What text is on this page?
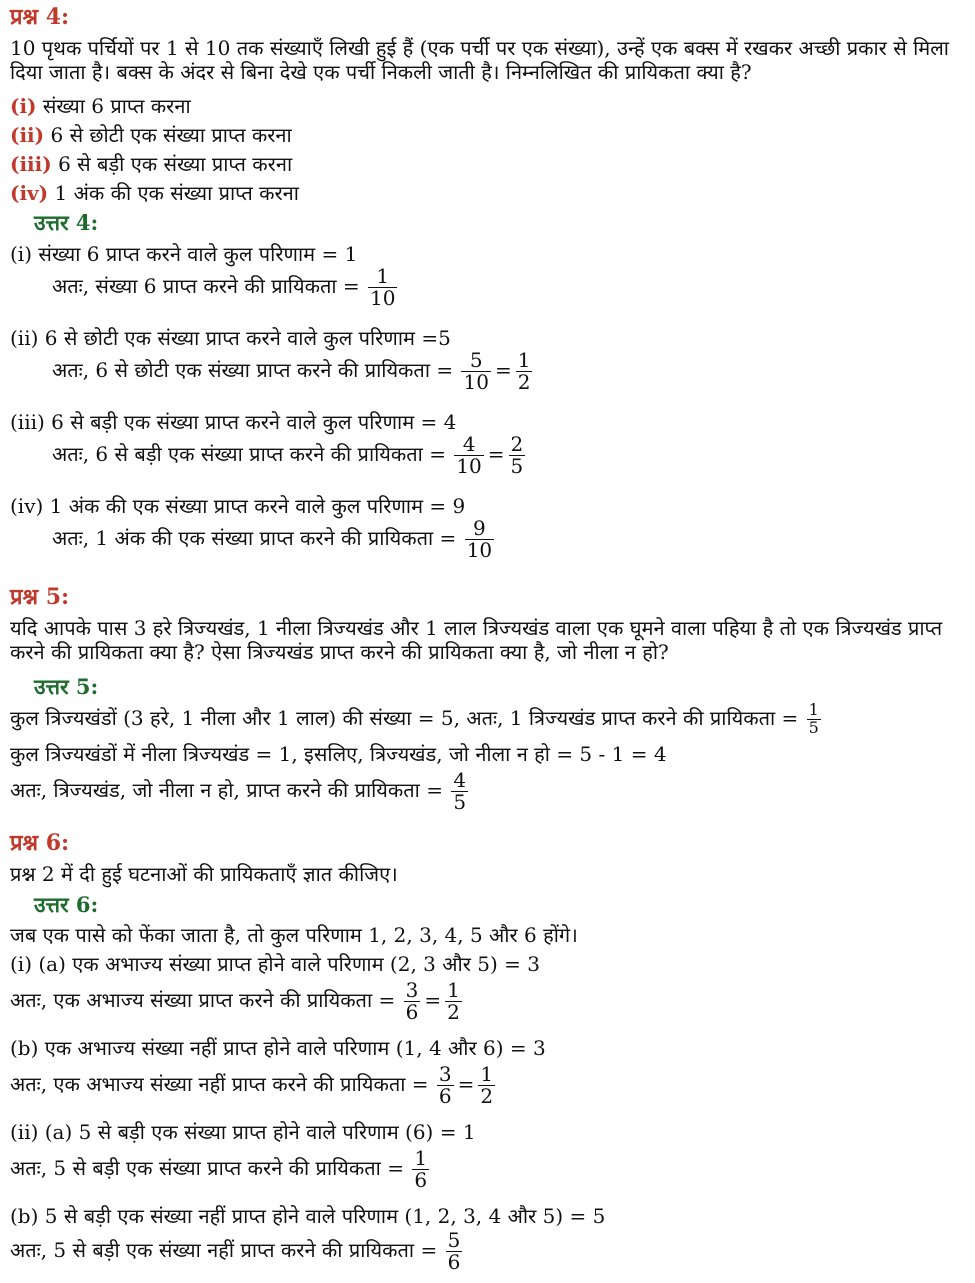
प्रश्न 4:
10 पृथक पर्चियों पर 1 से 10 तक संख्याएँ लिखी हुई हैं (एक पर्ची पर एक संख्या), उन्हें एक बक्स में रखकर अच्छी प्रकार से मिला दिया जाता है। बक्स के अंदर से बिना देखे एक पर्ची निकली जाती है। निम्नलिखित की प्रायिकता क्या है?
(i) संख्या 6 प्राप्त करना
(ii) 6 से छोटी एक संख्या प्राप्त करना
(iii) 6 से बड़ी एक संख्या प्राप्त करना
(iv) 1 अंक की एक संख्या प्राप्त करना
उत्तर 4:
(i) संख्या 6 प्राप्त करने वाले कुल परिणाम = 1
अतः, संख्या 6 प्राप्त करने की प्रायिकता = $\frac{1}{10}$
(ii) 6 से छोटी एक संख्या प्राप्त करने वाले कुल परिणाम =5
अतः, 6 से छोटी एक संख्या प्राप्त करने की प्रायिकता = $\frac{5}{10} = \frac{1}{2}$
(iii) 6 से बड़ी एक संख्या प्राप्त करने वाले कुल परिणाम = 4
अतः, 6 से बड़ी एक संख्या प्राप्त करने की प्रायिकता = $\frac{4}{10} = \frac{2}{5}$
(iv) 1 अंक की एक संख्या प्राप्त करने वाले कुल परिणाम = 9
अतः, 1 अंक की एक संख्या प्राप्त करने की प्रायिकता = $\frac{9}{10}$
प्रश्न 5:
यदि आपके पास 3 हरे त्रिज्यखंड, 1 नीला त्रिज्यखंड और 1 लाल त्रिज्यखंड वाला एक घूमने वाला पहिया है तो एक त्रिज्यखंड प्राप्त करने की प्रायिकता क्या है? ऐसा त्रिज्यखंड प्राप्त करने की प्रायिकता क्या है, जो नीला न हो?
उत्तर 5:
कुल त्रिज्यखंडों (3 हरे, 1 नीला और 1 लाल) की संख्या = 5, अतः, 1 त्रिज्यखंड प्राप्त करने की प्रायिकता = $\frac{1}{5}$
कुल त्रिज्यखंडों में नीला त्रिज्यखंड = 1, इसलिए, त्रिज्यखंड, जो नीला न हो = 5 - 1 = 4
अतः, त्रिज्यखंड, जो नीला न हो, प्राप्त करने की प्रायिकता = $\frac{4}{5}$
प्रश्न 6:
प्रश्न 2 में दी हुई घटनाओं की प्रायिकताएँ ज्ञात कीजिए।
उत्तर 6:
जब एक पासे को फेंका जाता है, तो कुल परिणाम 1, 2, 3, 4, 5 और 6 होंगे।
(i) (a) एक अभाज्य संख्या प्राप्त होने वाले परिणाम (2, 3 और 5) = 3
अतः, एक अभाज्य संख्या प्राप्त करने की प्रायिकता = $\frac{3}{6} = \frac{1}{2}$
(b) एक अभाज्य संख्या नहीं प्राप्त होने वाले परिणाम (1, 4 और 6) = 3
अतः, एक अभाज्य संख्या नहीं प्राप्त करने की प्रायिकता = $\frac{3}{6} = \frac{1}{2}$
(ii) (a) 5 से बड़ी एक संख्या प्राप्त होने वाले परिणाम (6) = 1
अतः, 5 से बड़ी एक संख्या प्राप्त करने की प्रायिकता = $\frac{1}{6}$
(b) 5 से बड़ी एक संख्या नहीं प्राप्त होने वाले परिणाम (1, 2, 3, 4 और 5) = 5
अतः, 5 से बड़ी एक संख्या नहीं प्राप्त करने की प्रायिकता = $\frac{5}{6}$
